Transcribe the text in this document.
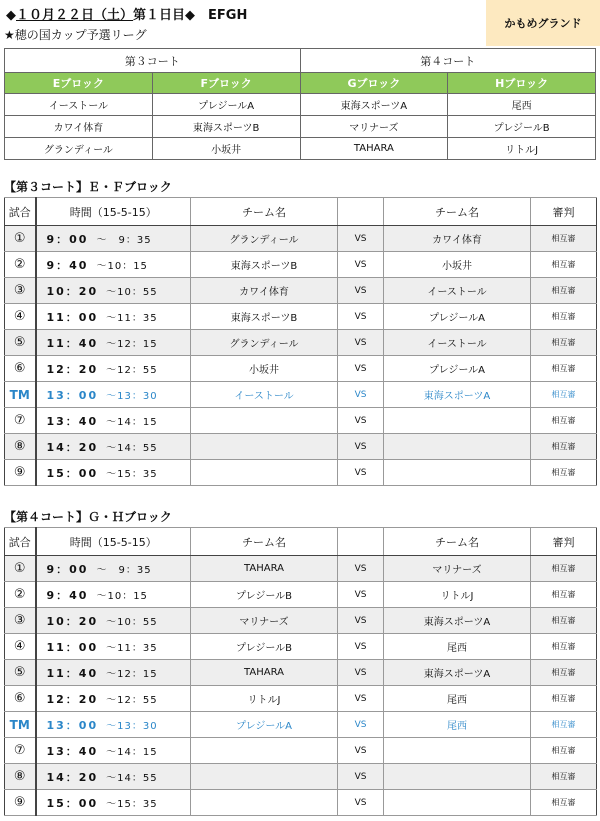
◆１０月２２日（土）第１日目◆　EFGH
★穂の国カップ予選リーグ
かもめグランド
第３コート		第４コート	
Eブロック	Fブロック	Gブロック	Hブロック
イーストール	プレジールA	東海スポーツA	尾西
カワイ体育	東海スポーツB	マリナーズ	プレジールB
グランディール	小坂井	TAHARA	リトルJ
【第３コート】Ｅ・Ｆブロック
試合	時間（15-5-15）	チーム名		チーム名	審判
①	9：00 ～　9：35	グランディール	VS	カワイ体育	相互審
②	9：40 ～10：15	東海スポーツB	VS	小坂井	相互審
③	10：20 ～10：55	カワイ体育	VS	イーストール	相互審
④	11：00 ～11：35	東海スポーツB	VS	プレジールA	相互審
⑤	11：40 ～12：15	グランディール	VS	イーストール	相互審
⑥	12：20 ～12：55	小坂井	VS	プレジールA	相互審
TM	13：00 ～13：30	イーストール	VS	東海スポーツA	相互審
⑦	13：40 ～14：15		VS		相互審
⑧	14：20 ～14：55		VS		相互審
⑨	15：00 ～15：35		VS		相互審
【第４コート】Ｇ・Ｈブロック
試合	時間（15-5-15）	チーム名		チーム名	審判
①	9：00 ～　9：35	TAHARA	VS	マリナーズ	相互審
②	9：40 ～10：15	プレジールB	VS	リトルJ	相互審
③	10：20 ～10：55	マリナーズ	VS	東海スポーツA	相互審
④	11：00 ～11：35	プレジールB	VS	尾西	相互審
⑤	11：40 ～12：15	TAHARA	VS	東海スポーツA	相互審
⑥	12：20 ～12：55	リトルJ	VS	尾西	相互審
TM	13：00 ～13：30	プレジールA	VS	尾西	相互審
⑦	13：40 ～14：15		VS		相互審
⑧	14：20 ～14：55		VS		相互審
⑨	15：00 ～15：35		VS		相互審
